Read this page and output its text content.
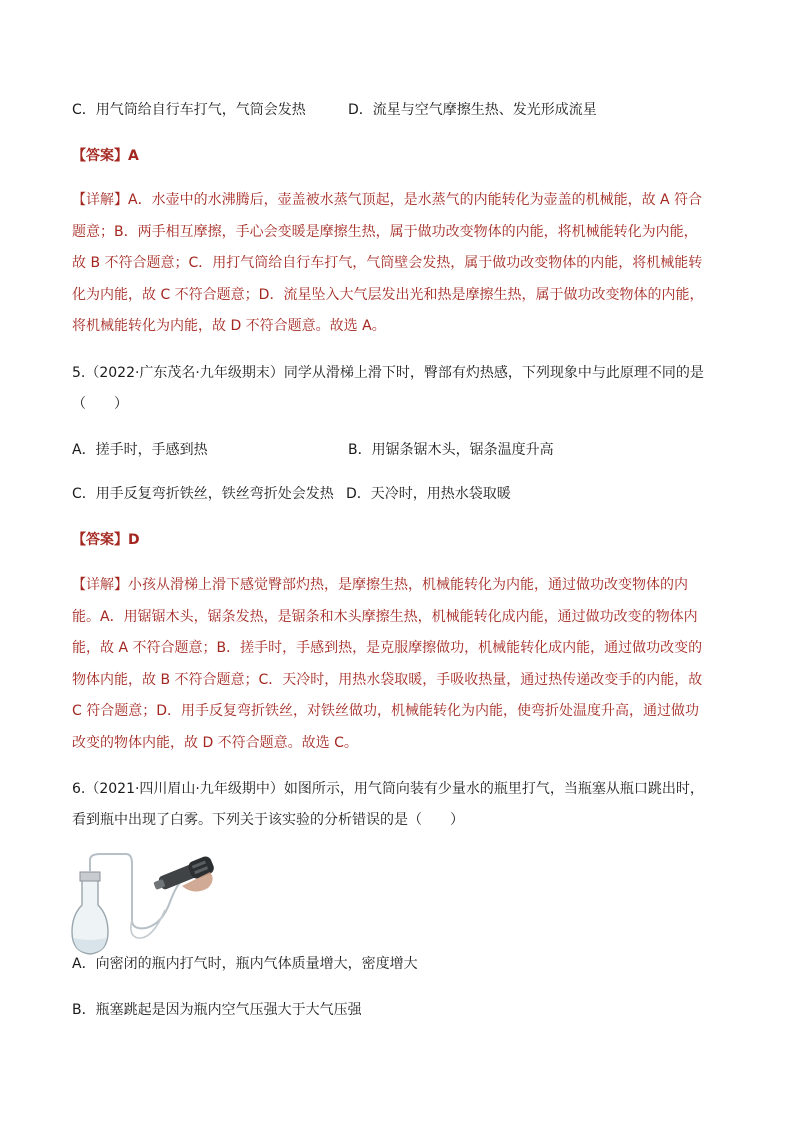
C．用气筒给自行车打气，气筒会发热	D．流星与空气摩擦生热、发光形成流星
【答案】A
【详解】A．水壶中的水沸腾后，壶盖被水蒸气顶起，是水蒸气的内能转化为壶盖的机械能，故 A 符合
题意；B．两手相互摩擦，手心会变暖是摩擦生热，属于做功改变物体的内能，将机械能转化为内能，
故 B 不符合题意；C．用打气筒给自行车打气，气筒壁会发热，属于做功改变物体的内能，将机械能转
化为内能，故 C 不符合题意；D．流星坠入大气层发出光和热是摩擦生热，属于做功改变物体的内能，
将机械能转化为内能，故 D 不符合题意。故选 A。
5.（2022·广东茂名·九年级期末）同学从滑梯上滑下时，臀部有灼热感，下列现象中与此原理不同的是
（　　）
A．搓手时，手感到热	B．用锯条锯木头，锯条温度升高
C．用手反复弯折铁丝，铁丝弯折处会发热 D．天冷时，用热水袋取暖
【答案】D
【详解】小孩从滑梯上滑下感觉臀部灼热，是摩擦生热，机械能转化为内能，通过做功改变物体的内
能。A．用锯锯木头，锯条发热，是锯条和木头摩擦生热，机械能转化成内能，通过做功改变的物体内
能，故 A 不符合题意；B．搓手时，手感到热，是克服摩擦做功，机械能转化成内能，通过做功改变的
物体内能，故 B 不符合题意；C．天冷时，用热水袋取暖，手吸收热量，通过热传递改变手的内能，故
C 符合题意；D．用手反复弯折铁丝，对铁丝做功，机械能转化为内能，使弯折处温度升高，通过做功
改变的物体内能，故 D 不符合题意。故选 C。
6.（2021·四川眉山·九年级期中）如图所示，用气筒向装有少量水的瓶里打气，当瓶塞从瓶口跳出时，
看到瓶中出现了白雾。下列关于该实验的分析错误的是（　　）
A．向密闭的瓶内打气时，瓶内气体质量增大，密度增大
B．瓶塞跳起是因为瓶内空气压强大于大气压强
